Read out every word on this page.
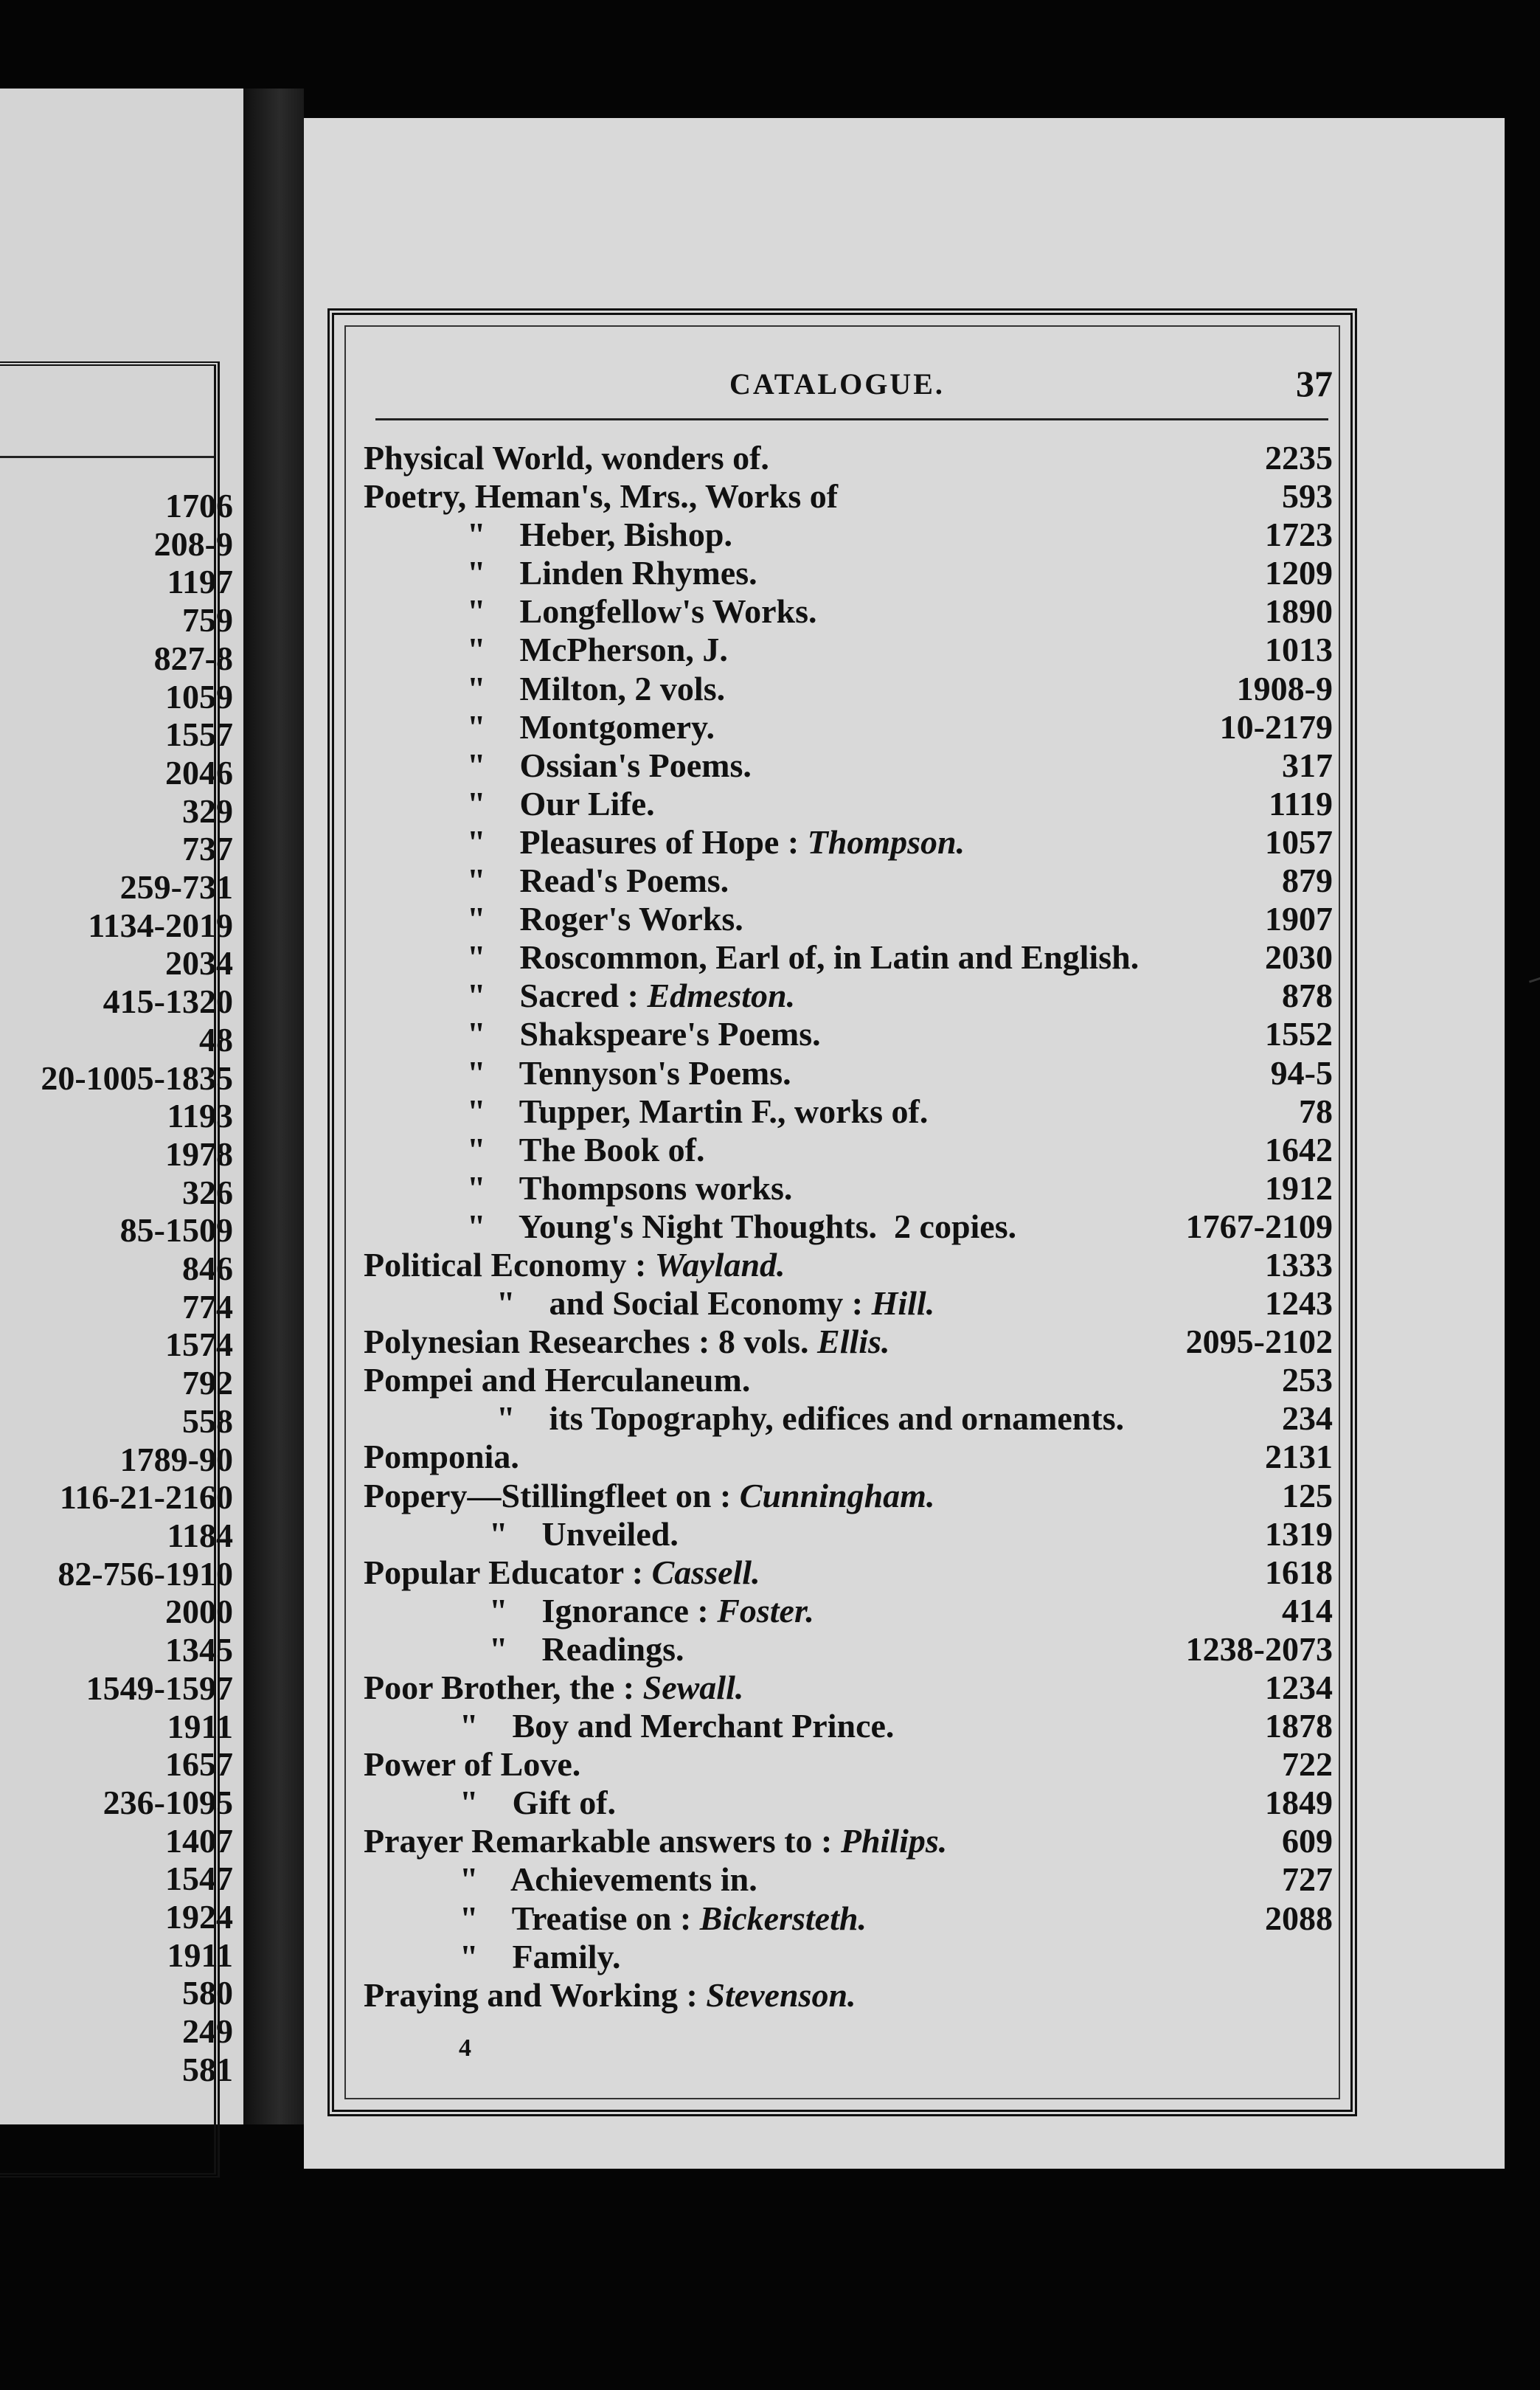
1706
208-9
1197
759
827-8
1059
1557
2046
329
737
259-731
1134-2019
2034
415-1320
48
20-1005-1835
1193
1978
326
85-1509
846
774
1574
792
558
1789-90
116-21-2160
1184
82-756-1910
2000
1345
1549-1597
1911
1657
236-1095
1407
1547
1924
1911
580
249
581
CATALOGUE.	37
Physical World, wonders of.	2235
Poetry, Heman's, Mrs., Works of	593
"    Heber, Bishop.	1723
"    Linden Rhymes.	1209
"    Longfellow's Works.	1890
"    McPherson, J.	1013
"    Milton, 2 vols.	1908-9
"    Montgomery.	10-2179
"    Ossian's Poems.	317
"    Our Life.	1119
"    Pleasures of Hope : Thompson.	1057
"    Read's Poems.	879
"    Roger's Works.	1907
"    Roscommon, Earl of, in Latin and English.	2030
"    Sacred : Edmeston.	878
"    Shakspeare's Poems.	1552
"    Tennyson's Poems.	94-5
"    Tupper, Martin F., works of.	78
"    The Book of.	1642
"    Thompsons works.	1912
"    Young's Night Thoughts.  2 copies.	1767-2109
Political Economy : Wayland.	1333
"    and Social Economy : Hill.	1243
Polynesian Researches : 8 vols. Ellis.	2095-2102
Pompei and Herculaneum.	253
"    its Topography, edifices and ornaments.	234
Pomponia.	2131
Popery—Stillingfleet on : Cunningham.	125
"    Unveiled.	1319
Popular Educator : Cassell.	1618
"    Ignorance : Foster.	414
"    Readings.	1238-2073
Poor Brother, the : Sewall.	1234
"    Boy and Merchant Prince.	1878
Power of Love.	722
"    Gift of.	1849
Prayer Remarkable answers to : Philips.	609
"    Achievements in.	727
"    Treatise on : Bickersteth.	2088
"    Family.
Praying and Working : Stevenson.
4
